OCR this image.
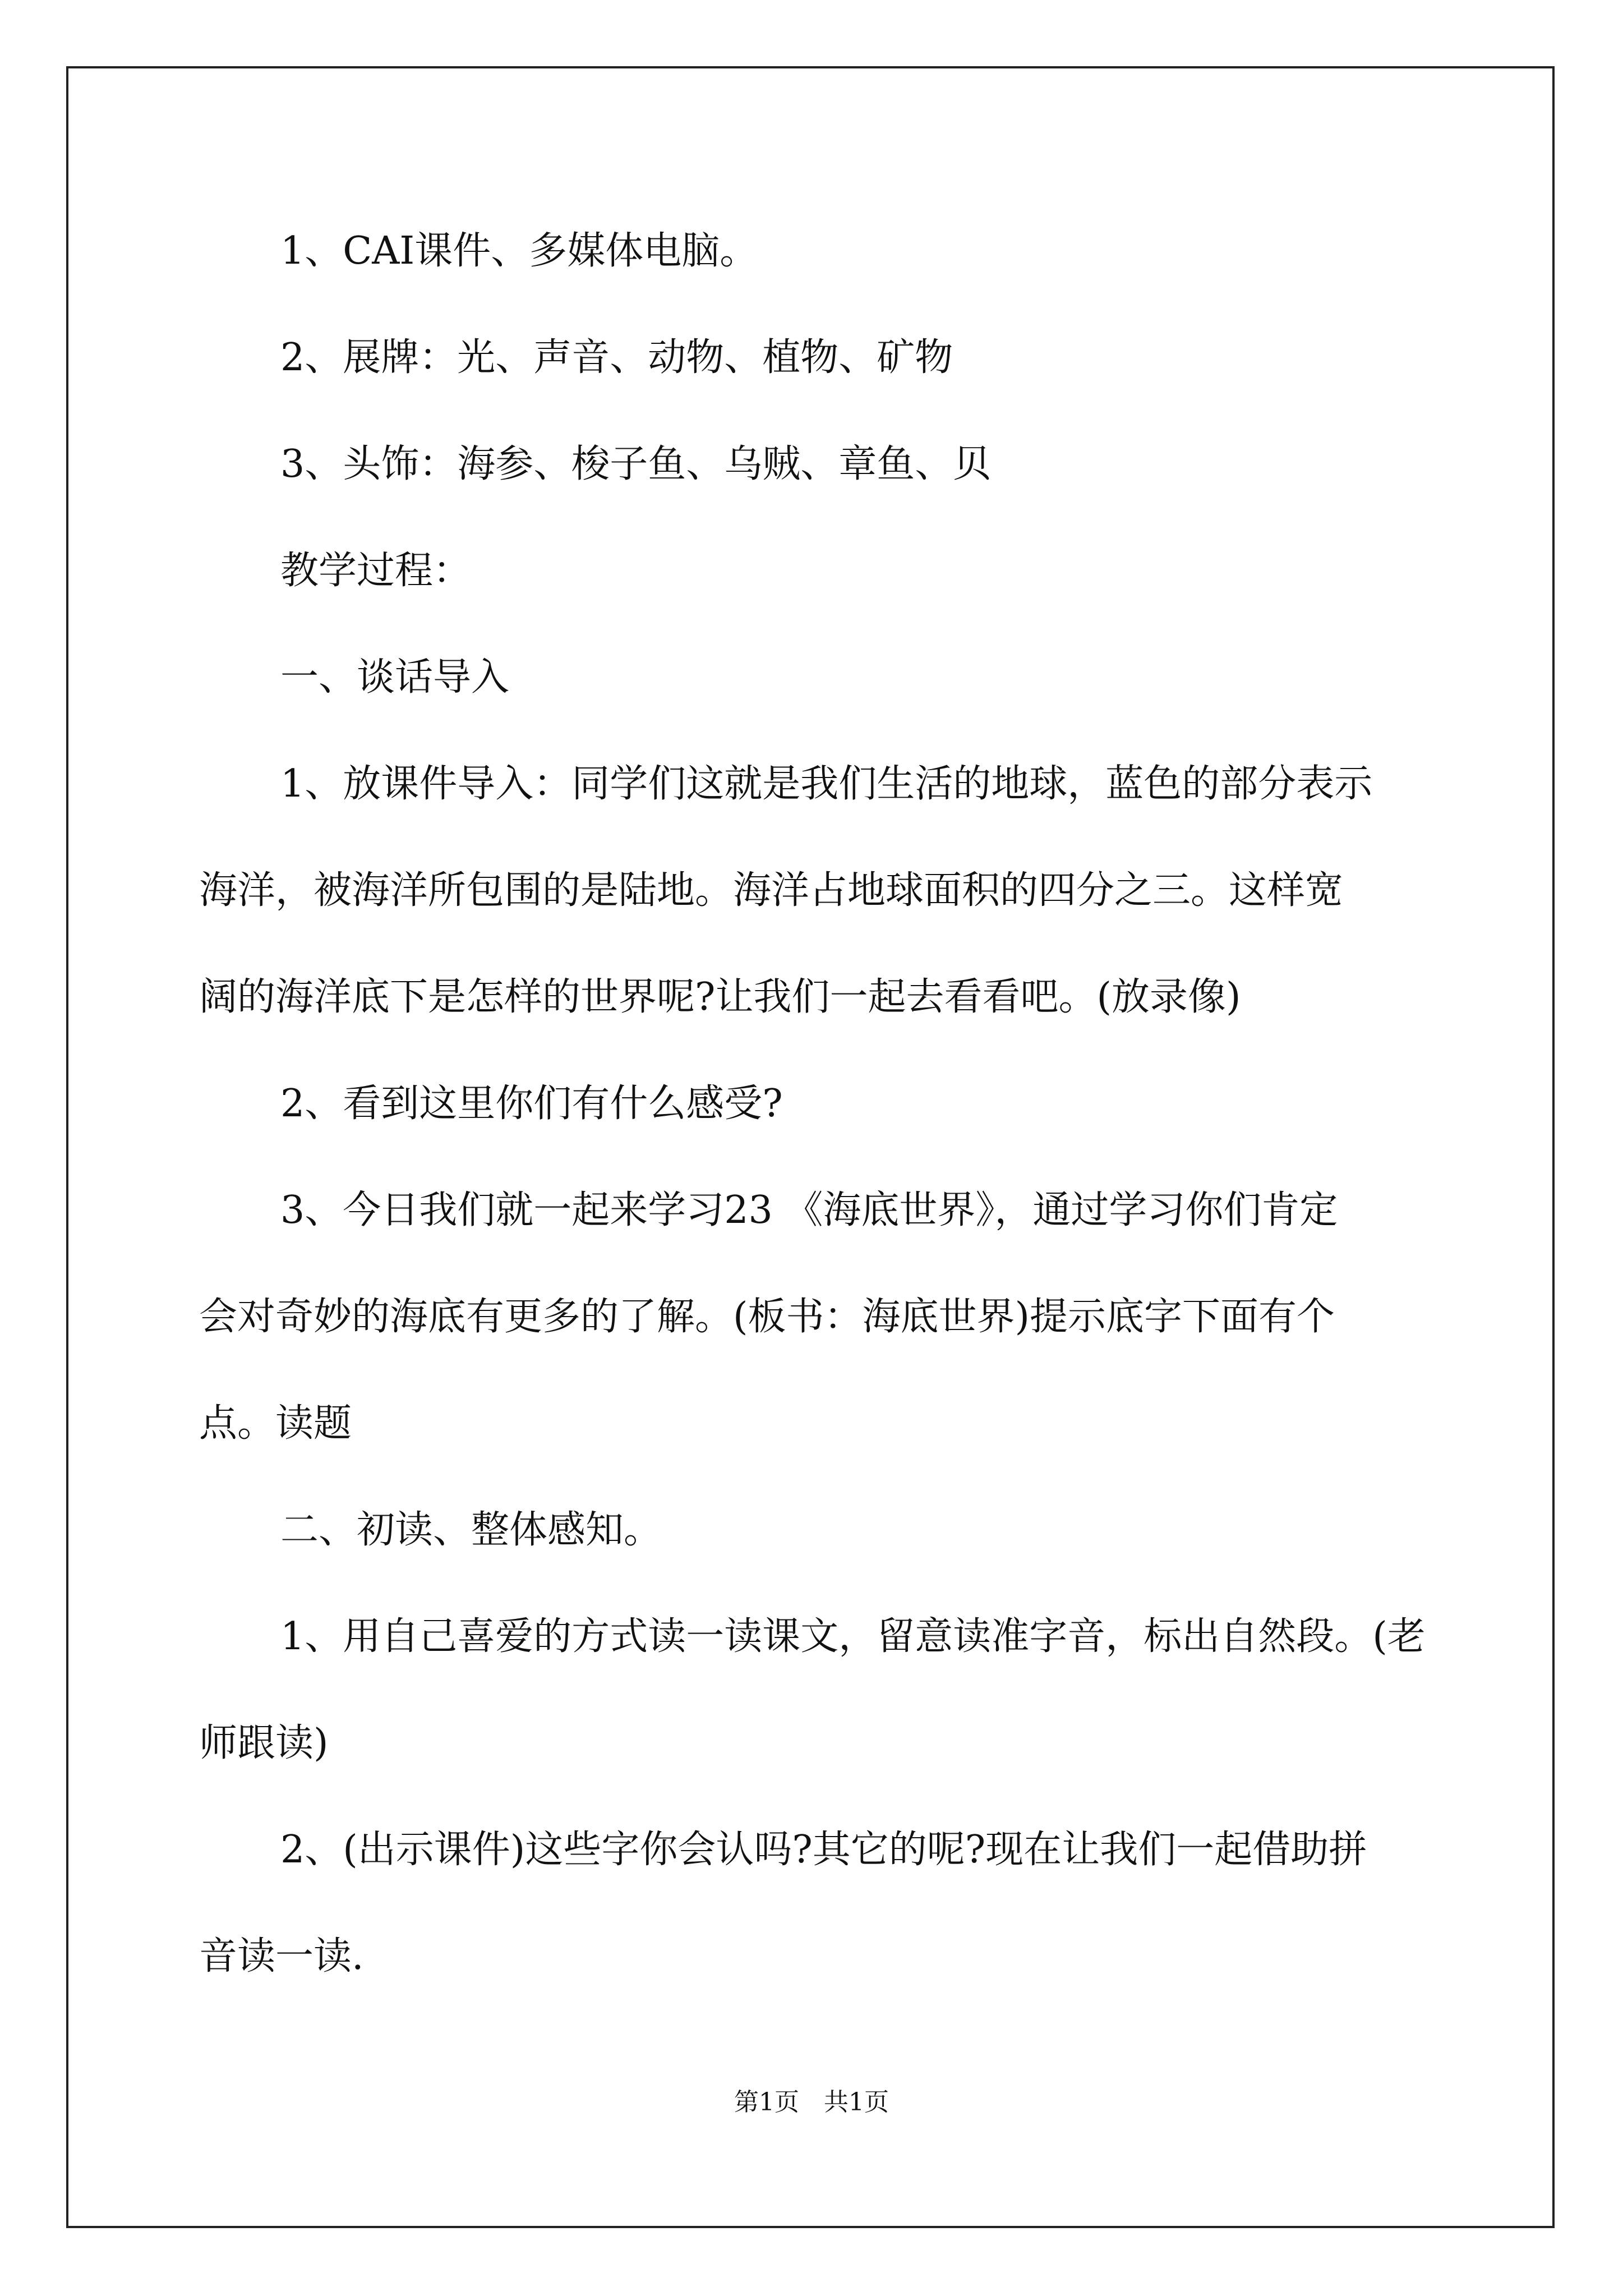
1、CAI课件、多媒体电脑。
2、展牌：光、声音、动物、植物、矿物
3、头饰：海参、梭子鱼、乌贼、章鱼、贝
教学过程：
一、谈话导入
1、放课件导入：同学们这就是我们生活的地球，蓝色的部分表示
海洋，被海洋所包围的是陆地。海洋占地球面积的四分之三。这样宽
阔的海洋底下是怎样的世界呢?让我们一起去看看吧。(放录像)
2、看到这里你们有什么感受?
3、今日我们就一起来学习23 《海底世界》，通过学习你们肯定
会对奇妙的海底有更多的了解。(板书：海底世界)提示底字下面有个
点。读题
二、初读、整体感知。
1、用自己喜爱的方式读一读课文，留意读准字音，标出自然段。(老
师跟读)
2、(出示课件)这些字你会认吗?其它的呢?现在让我们一起借助拼
音读一读.
第1页　共1页
